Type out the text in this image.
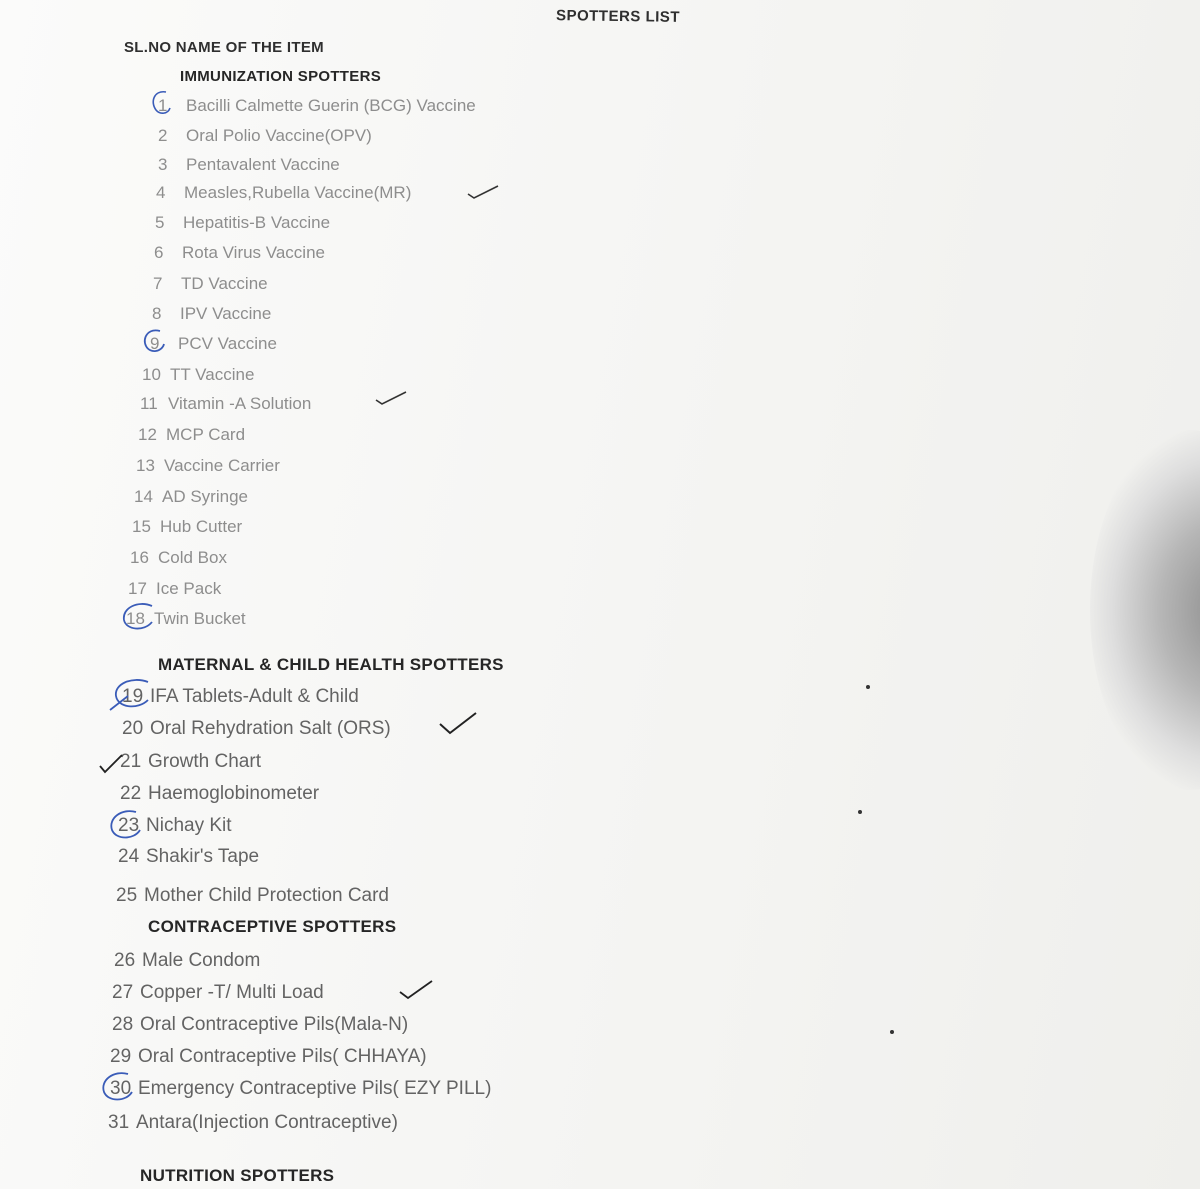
SPOTTERS LIST
SL.NO NAME OF THE ITEM
IMMUNIZATION SPOTTERS
1 Bacilli Calmette Guerin (BCG) Vaccine
2 Oral Polio Vaccine(OPV)
3 Pentavalent Vaccine
4 Measles,Rubella Vaccine(MR)
5 Hepatitis-B Vaccine
6 Rota Virus Vaccine
7 TD Vaccine
8 IPV Vaccine
9 PCV Vaccine
10 TT Vaccine
11 Vitamin -A Solution
12 MCP Card
13 Vaccine Carrier
14 AD Syringe
15 Hub Cutter
16 Cold Box
17 Ice Pack
18 Twin Bucket
MATERNAL & CHILD HEALTH SPOTTERS
19 IFA Tablets-Adult & Child
20 Oral Rehydration Salt (ORS)
21 Growth Chart
22 Haemoglobinometer
23 Nichay Kit
24 Shakir's Tape
25 Mother Child Protection Card
CONTRACEPTIVE SPOTTERS
26 Male Condom
27 Copper -T/ Multi Load
28 Oral Contraceptive Pils(Mala-N)
29 Oral Contraceptive Pils( CHHAYA)
30 Emergency Contraceptive Pils( EZY PILL)
31 Antara(Injection Contraceptive)
NUTRITION SPOTTERS
